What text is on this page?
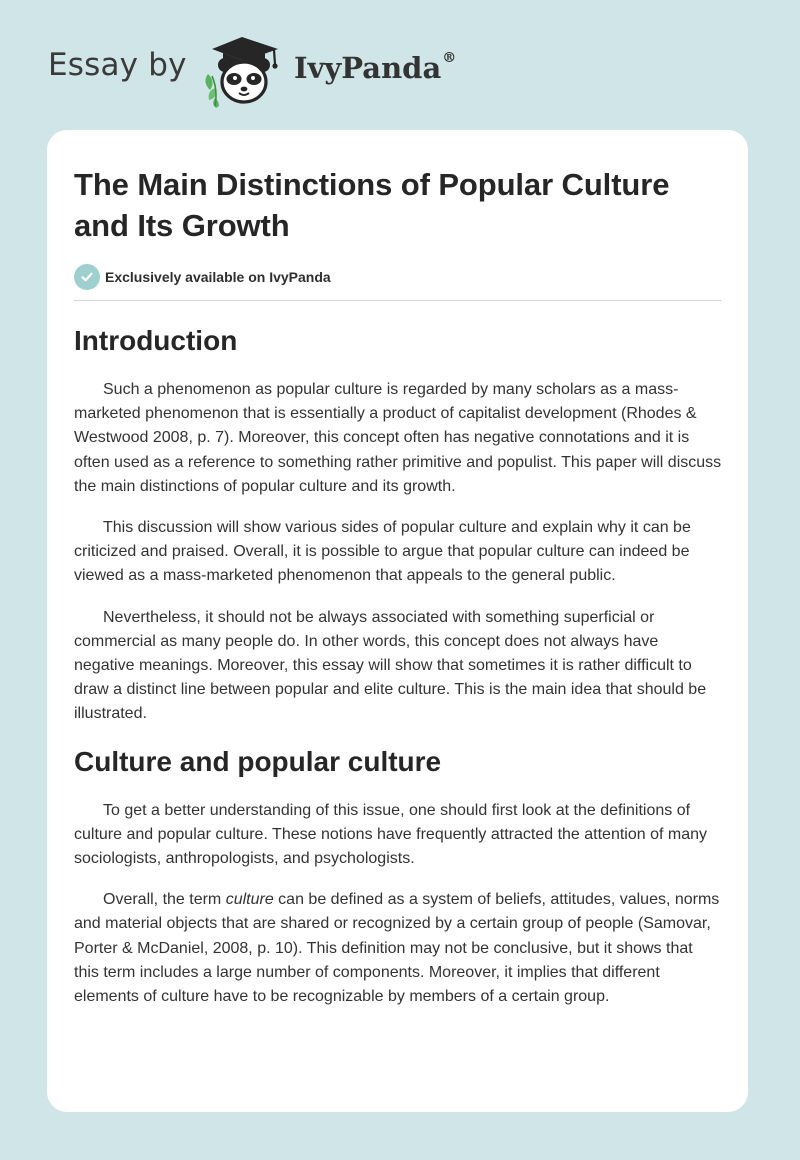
Essay by	IvyPanda®
The Main Distinctions of Popular Culture and Its Growth
Exclusively available on IvyPanda
Introduction

Such a phenomenon as popular culture is regarded by many scholars as a mass-marketed phenomenon that is essentially a product of capitalist development (Rhodes & Westwood 2008, p. 7). Moreover, this concept often has negative connotations and it is often used as a reference to something rather primitive and populist. This paper will discuss the main distinctions of popular culture and its growth.

This discussion will show various sides of popular culture and explain why it can be criticized and praised. Overall, it is possible to argue that popular culture can indeed be viewed as a mass-marketed phenomenon that appeals to the general public.

Nevertheless, it should not be always associated with something superficial or commercial as many people do. In other words, this concept does not always have negative meanings. Moreover, this essay will show that sometimes it is rather difficult to draw a distinct line between popular and elite culture. This is the main idea that should be illustrated.

Culture and popular culture

To get a better understanding of this issue, one should first look at the definitions of culture and popular culture. These notions have frequently attracted the attention of many sociologists, anthropologists, and psychologists.

Overall, the term culture can be defined as a system of beliefs, attitudes, values, norms and material objects that are shared or recognized by a certain group of people (Samovar, Porter & McDaniel, 2008, p. 10). This definition may not be conclusive, but it shows that this term includes a large number of components. Moreover, it implies that different elements of culture have to be recognizable by members of a certain group.
